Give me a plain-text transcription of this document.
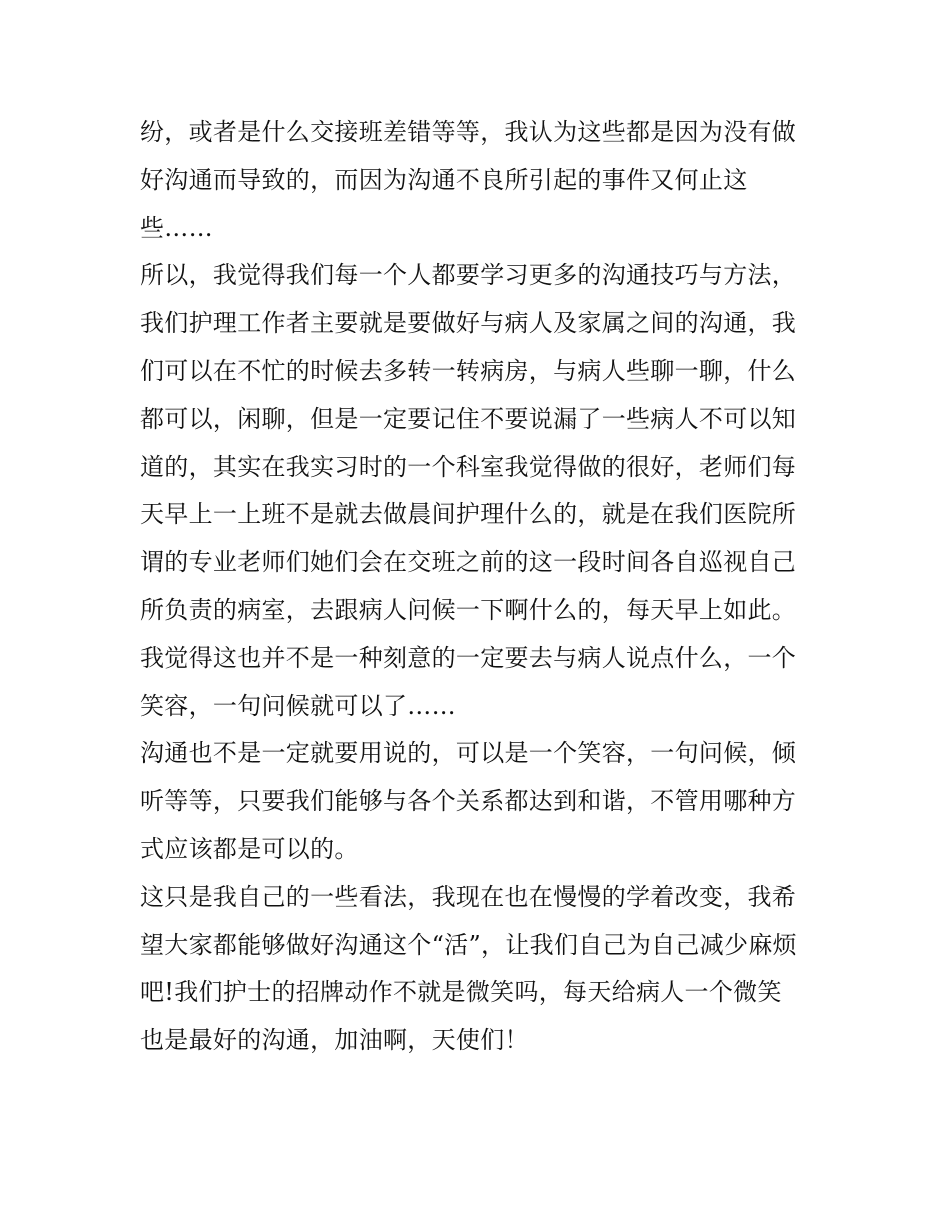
纷，或者是什么交接班差错等等，我认为这些都是因为没有做
好沟通而导致的，而因为沟通不良所引起的事件又何止这
些……
所以，我觉得我们每一个人都要学习更多的沟通技巧与方法，
我们护理工作者主要就是要做好与病人及家属之间的沟通，我
们可以在不忙的时候去多转一转病房，与病人些聊一聊，什么
都可以，闲聊，但是一定要记住不要说漏了一些病人不可以知
道的，其实在我实习时的一个科室我觉得做的很好，老师们每
天早上一上班不是就去做晨间护理什么的，就是在我们医院所
谓的专业老师们她们会在交班之前的这一段时间各自巡视自己
所负责的病室，去跟病人问候一下啊什么的，每天早上如此。
我觉得这也并不是一种刻意的一定要去与病人说点什么，一个
笑容，一句问候就可以了……
沟通也不是一定就要用说的，可以是一个笑容，一句问候，倾
听等等，只要我们能够与各个关系都达到和谐，不管用哪种方
式应该都是可以的。
这只是我自己的一些看法，我现在也在慢慢的学着改变，我希
望大家都能够做好沟通这个“活”，让我们自己为自己减少麻烦
吧!我们护士的招牌动作不就是微笑吗，每天给病人一个微笑
也是最好的沟通，加油啊，天使们！
